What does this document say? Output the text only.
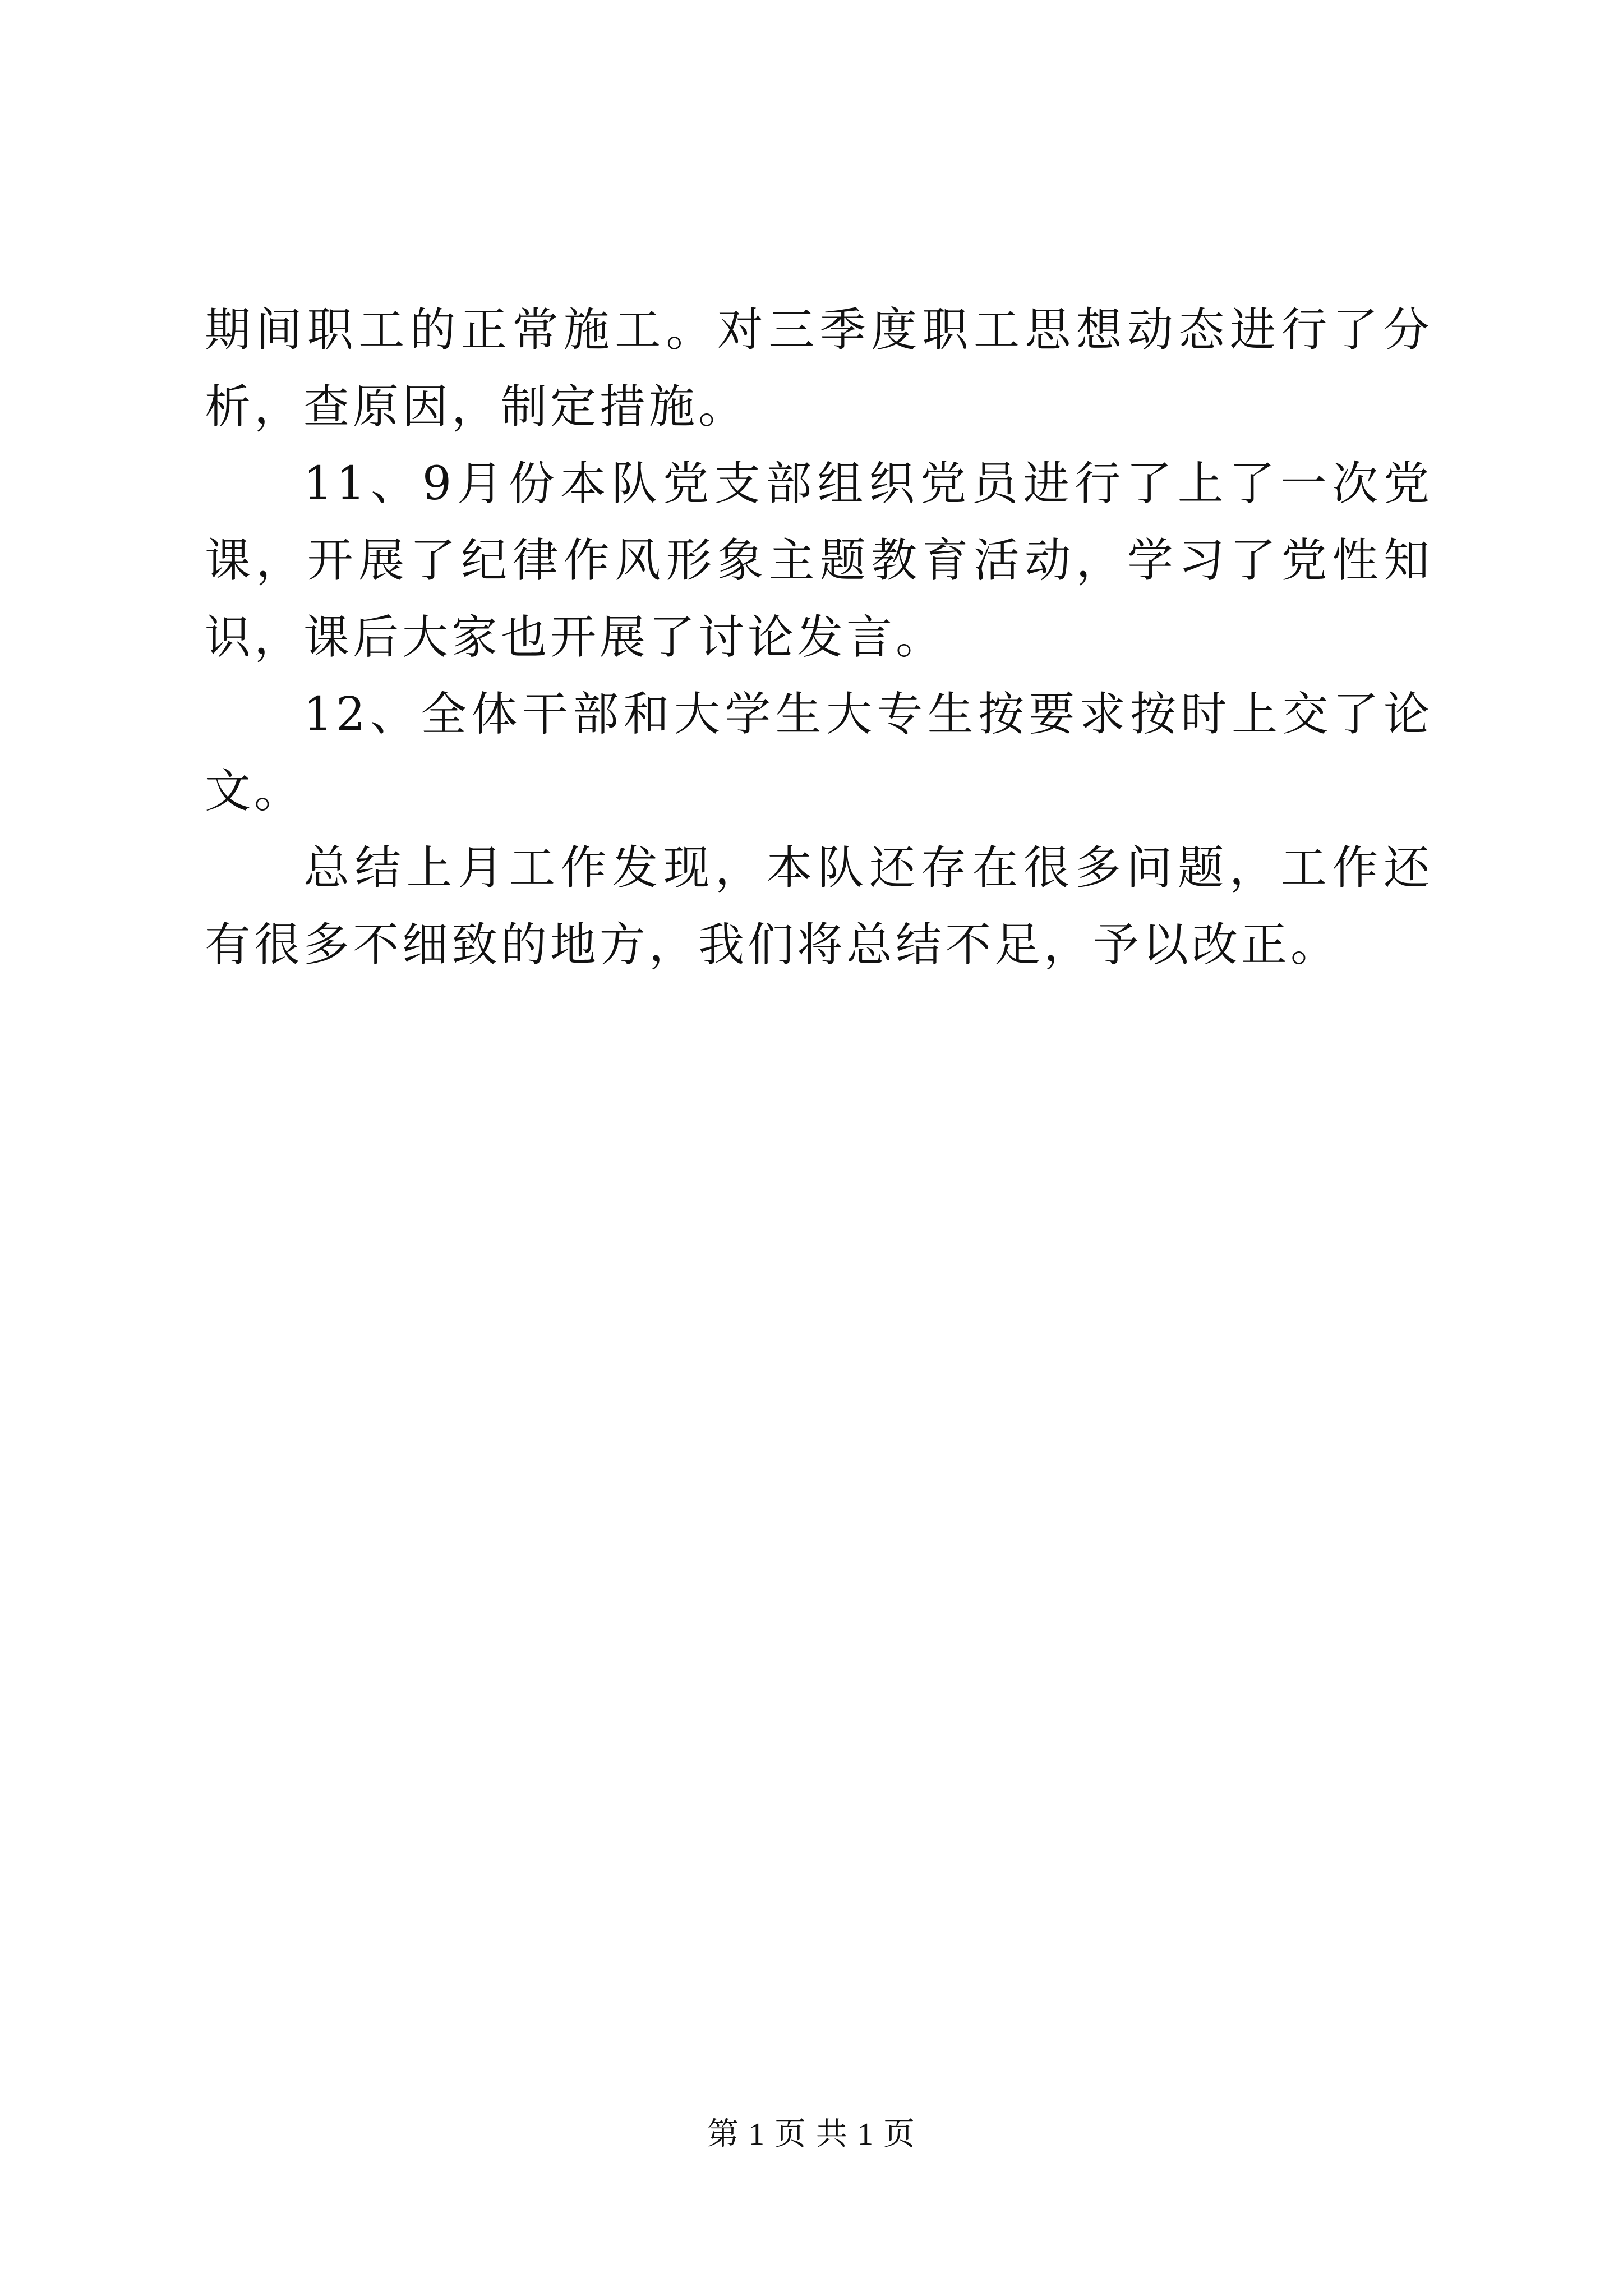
期间职工的正常施工。对三季度职工思想动态进行了分析，查原因，制定措施。

11、9月份本队党支部组织党员进行了上了一次党课，开展了纪律作风形象主题教育活动，学习了党性知识，课后大家也开展了讨论发言。

12、全体干部和大学生大专生按要求按时上交了论文。

总结上月工作发现，本队还存在很多问题，工作还有很多不细致的地方，我们将总结不足，予以改正。

第 1 页 共 1 页
